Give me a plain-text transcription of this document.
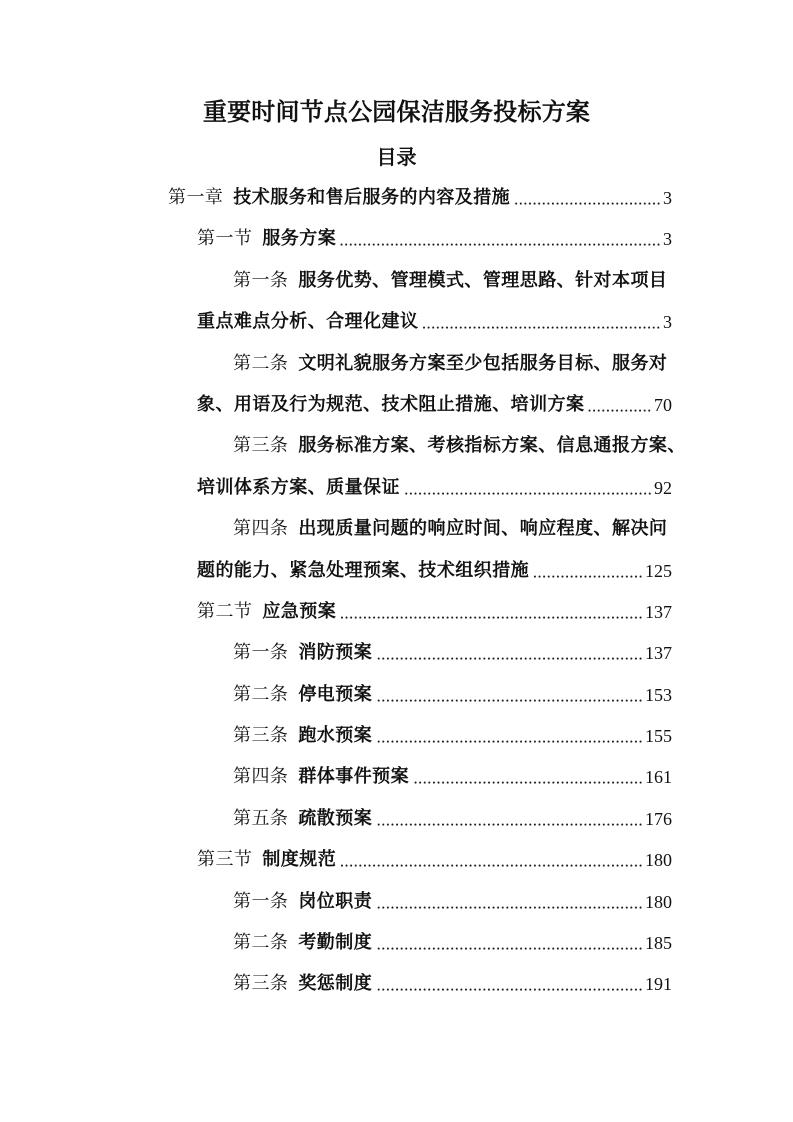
重要时间节点公园保洁服务投标方案
目录
第一章 技术服务和售后服务的内容及措施	3
第一节 服务方案	3
第一条 服务优势、管理模式、管理思路、针对本项目
重点难点分析、合理化建议	3
第二条 文明礼貌服务方案至少包括服务目标、服务对
象、用语及行为规范、技术阻止措施、培训方案	70
第三条 服务标准方案、考核指标方案、信息通报方案、
培训体系方案、质量保证	92
第四条 出现质量问题的响应时间、响应程度、解决问
题的能力、紧急处理预案、技术组织措施	125
第二节 应急预案	137
第一条 消防预案	137
第二条 停电预案	153
第三条 跑水预案	155
第四条 群体事件预案	161
第五条 疏散预案	176
第三节 制度规范	180
第一条 岗位职责	180
第二条 考勤制度	185
第三条 奖惩制度	191
